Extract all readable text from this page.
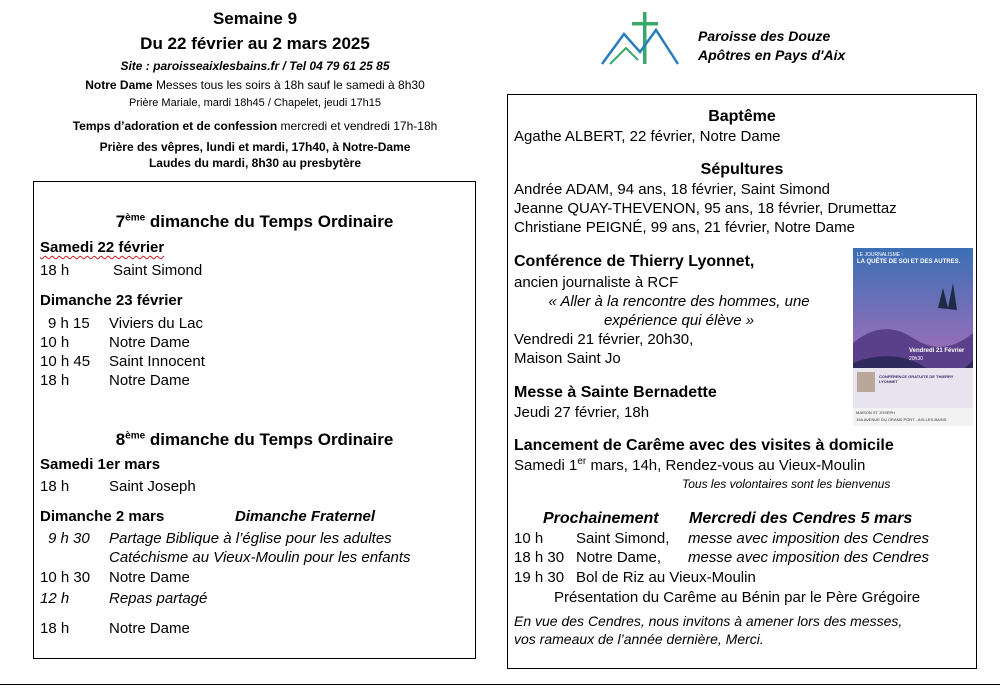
Semaine 9
Du 22 février au 2 mars 2025
Site : paroisseaixlesbains.fr / Tel 04 79 61 25 85
Notre Dame Messes tous les soirs à 18h sauf le samedi à 8h30
Prière Mariale, mardi 18h45 / Chapelet, jeudi 17h15
Temps d’adoration et de confession mercredi et vendredi 17h-18h
Prière des vêpres, lundi et mardi, 17h40, à Notre-Dame
Laudes du mardi, 8h30 au presbytère
Paroisse des Douze
Apôtres en Pays d'Aix
7ème dimanche du Temps Ordinaire
Samedi 22 février
18 h	Saint Simond
Dimanche 23 février
9 h 15 Viviers du Lac
10 h	Notre Dame
10 h 45 Saint Innocent
18 h	Notre Dame
8ème dimanche du Temps Ordinaire
Samedi 1er mars
18 h	Saint Joseph
Dimanche 2 mars	Dimanche Fraternel
9 h 30 Partage Biblique à l’église pour les adultes
Catéchisme au Vieux-Moulin pour les enfants
10 h 30 Notre Dame
12 h	Repas partagé
18 h	Notre Dame
Baptême
Agathe ALBERT, 22 février, Notre Dame
Sépultures
Andrée ADAM, 94 ans, 18 février, Saint Simond
Jeanne QUAY-THEVENON, 95 ans, 18 février, Drumettaz
Christiane PEIGNÉ, 99 ans, 21 février, Notre Dame
Conférence de Thierry Lyonnet,
ancien journaliste à RCF
« Aller à la rencontre des hommes, une
expérience qui élève »
Vendredi 21 février, 20h30,
Maison Saint Jo
LE JOURNALISME :
LA QUÊTE DE SOI ET DES AUTRES.
Vendredi 21 Février
20h30
CONFÉRENCE GRATUITE DE THIERRY LYONNET
MAISON ST JOSEPH
19A AVENUE DU GRAND PORT - AIX-LES-BAINS
Messe à Sainte Bernadette
Jeudi 27 février, 18h
Lancement de Carême avec des visites à domicile
Samedi 1er mars, 14h, Rendez-vous au Vieux-Moulin
Tous les volontaires sont les bienvenus
Prochainement Mercredi des Cendres 5 mars
10 h Saint Simond, messe avec imposition des Cendres
18 h 30 Notre Dame, messe avec imposition des Cendres
19 h 30 Bol de Riz au Vieux-Moulin
Présentation du Carême au Bénin par le Père Grégoire
En vue des Cendres, nous invitons à amener lors des messes,
vos rameaux de l’année dernière, Merci.
